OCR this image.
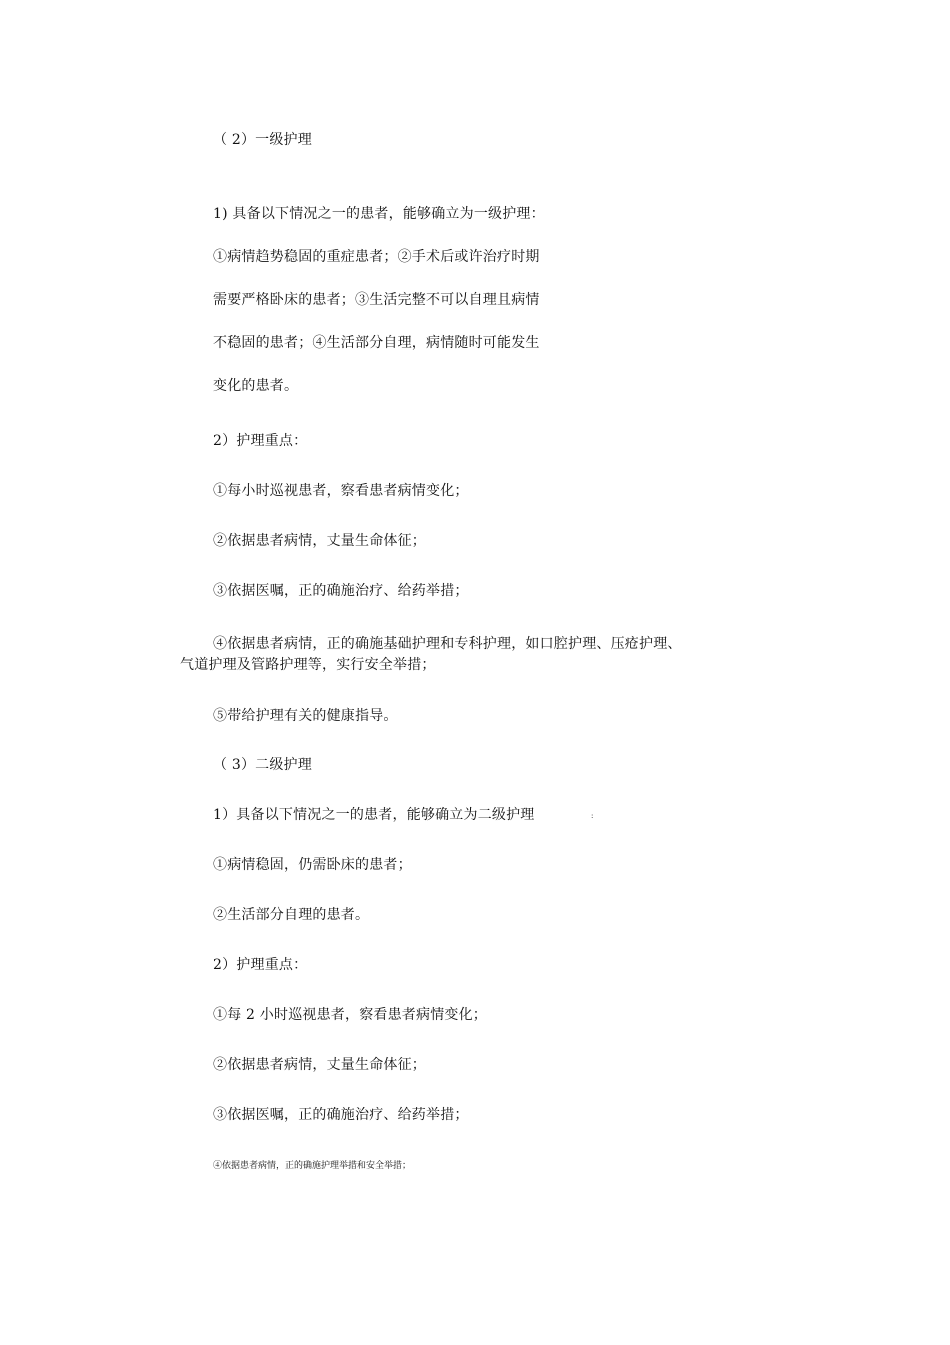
（ 2）一级护理
1) 具备以下情况之一的患者，能够确立为一级护理：
①病情趋势稳固的重症患者；②手术后或许治疗时期
需要严格卧床的患者；③生活完整不可以自理且病情
不稳固的患者；④生活部分自理，病情随时可能发生
变化的患者。
2）护理重点：
①每小时巡视患者，察看患者病情变化；
②依据患者病情，丈量生命体征；
③依据医嘱，正的确施治疗、给药举措；
④依据患者病情，正的确施基础护理和专科护理，如口腔护理、压疮护理、
气道护理及管路护理等，实行安全举措；
⑤带给护理有关的健康指导。
（ 3）二级护理
1）具备以下情况之一的患者，能够确立为二级护理	:
①病情稳固，仍需卧床的患者；
②生活部分自理的患者。
2）护理重点：
①每 2 小时巡视患者，察看患者病情变化；
②依据患者病情，丈量生命体征；
③依据医嘱，正的确施治疗、给药举措；
④依据患者病情，正的确施护理举措和安全举措；
